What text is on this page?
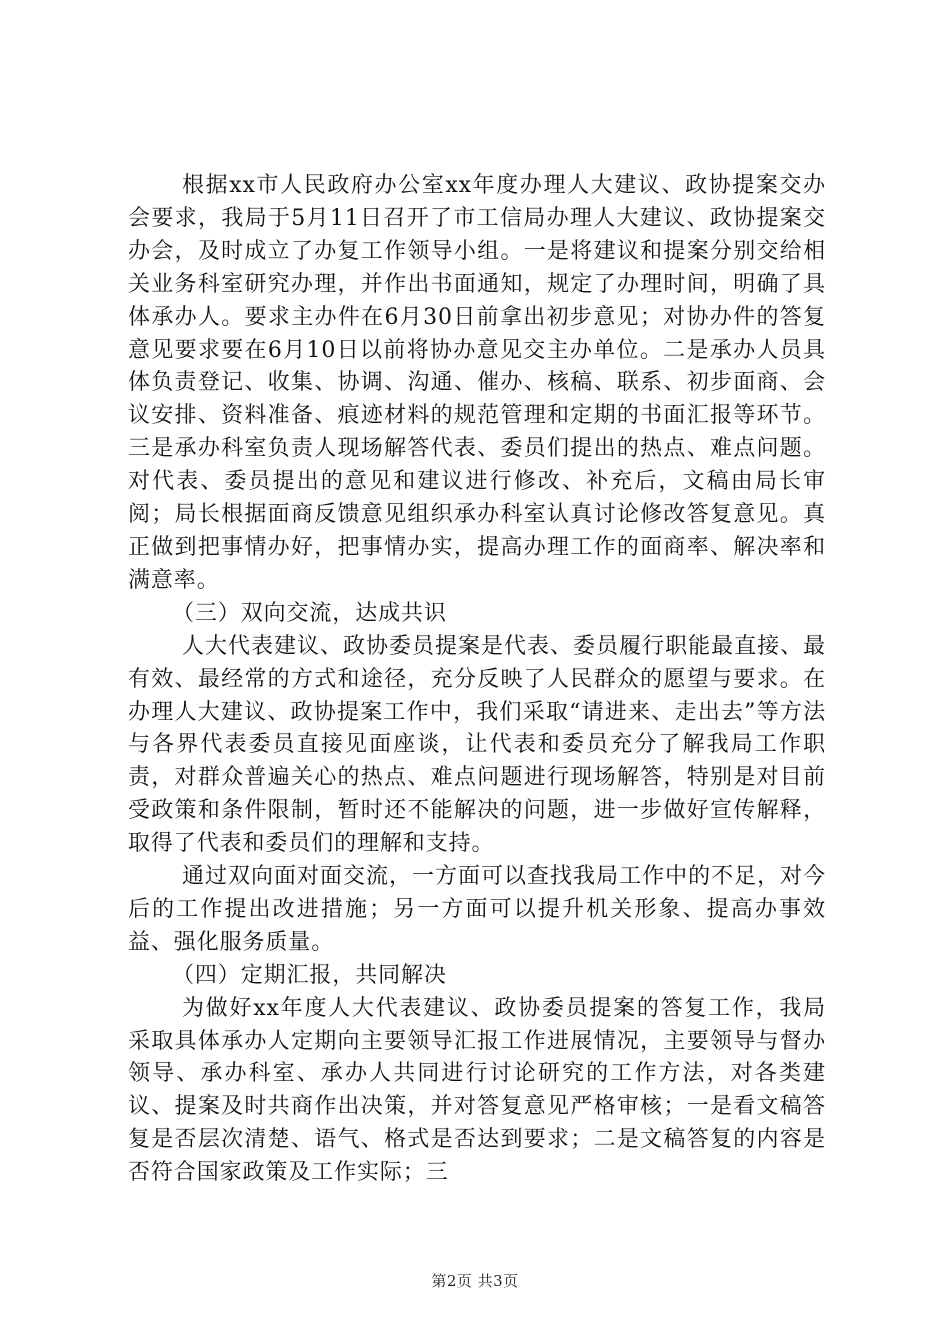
根据xx市人民政府办公室xx年度办理人大建议、政协提案交办会要求，我局于5月11日召开了市工信局办理人大建议、政协提案交办会，及时成立了办复工作领导小组。一是将建议和提案分别交给相关业务科室研究办理，并作出书面通知，规定了办理时间，明确了具体承办人。要求主办件在6月30日前拿出初步意见；对协办件的答复意见要求要在6月10日以前将协办意见交主办单位。二是承办人员具体负责登记、收集、协调、沟通、催办、核稿、联系、初步面商、会议安排、资料准备、痕迹材料的规范管理和定期的书面汇报等环节。三是承办科室负责人现场解答代表、委员们提出的热点、难点问题。对代表、委员提出的意见和建议进行修改、补充后，文稿由局长审阅；局长根据面商反馈意见组织承办科室认真讨论修改答复意见。真正做到把事情办好，把事情办实，提高办理工作的面商率、解决率和满意率。

（三）双向交流，达成共识

人大代表建议、政协委员提案是代表、委员履行职能最直接、最有效、最经常的方式和途径，充分反映了人民群众的愿望与要求。在办理人大建议、政协提案工作中，我们采取“请进来、走出去”等方法与各界代表委员直接见面座谈，让代表和委员充分了解我局工作职责，对群众普遍关心的热点、难点问题进行现场解答，特别是对目前受政策和条件限制，暂时还不能解决的问题，进一步做好宣传解释，取得了代表和委员们的理解和支持。

通过双向面对面交流，一方面可以查找我局工作中的不足，对今后的工作提出改进措施；另一方面可以提升机关形象、提高办事效益、强化服务质量。

（四）定期汇报，共同解决

为做好xx年度人大代表建议、政协委员提案的答复工作，我局采取具体承办人定期向主要领导汇报工作进展情况，主要领导与督办领导、承办科室、承办人共同进行讨论研究的工作方法，对各类建议、提案及时共商作出决策，并对答复意见严格审核；一是看文稿答复是否层次清楚、语气、格式是否达到要求；二是文稿答复的内容是否符合国家政策及工作实际；三

第2页 共3页
